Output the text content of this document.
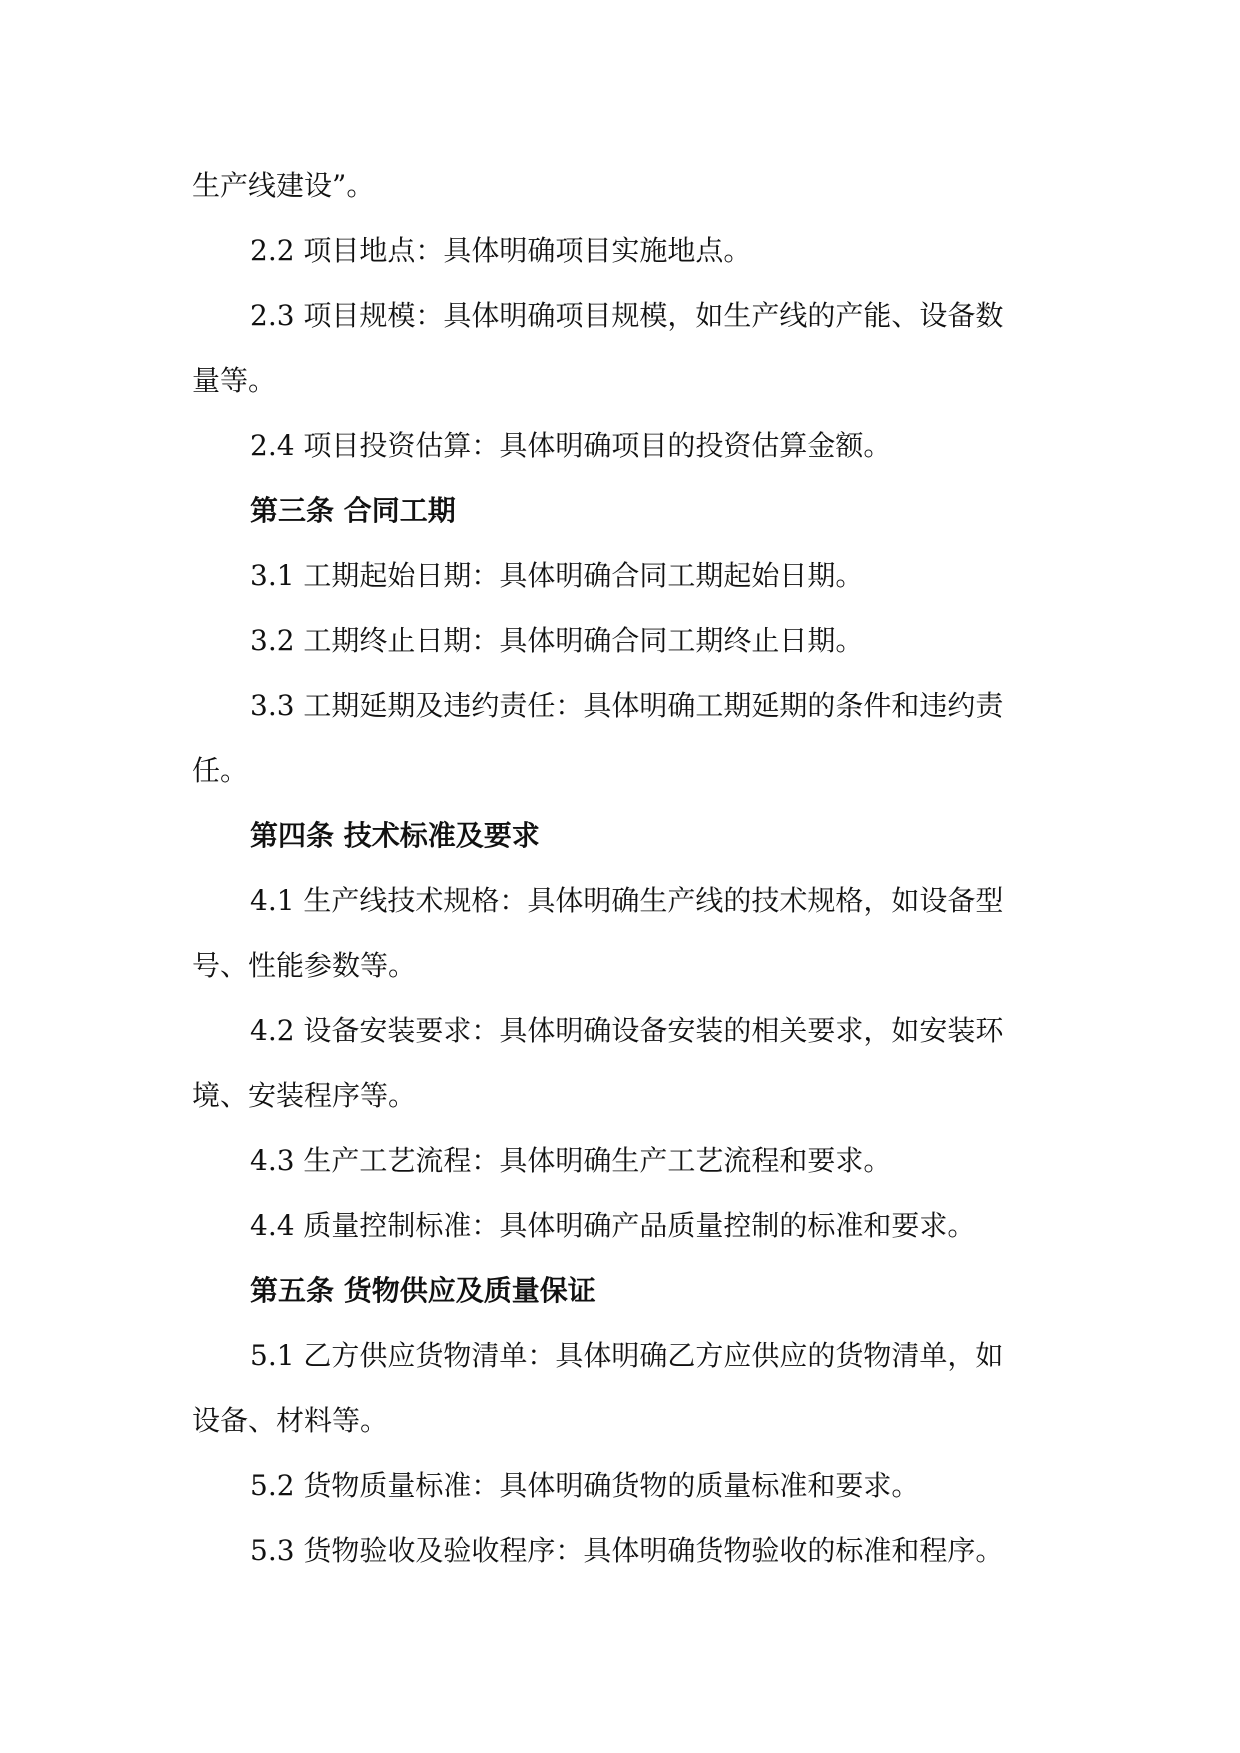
生产线建设”。
2.2 项目地点：具体明确项目实施地点。
2.3 项目规模：具体明确项目规模，如生产线的产能、设备数
量等。
2.4 项目投资估算：具体明确项目的投资估算金额。
第三条 合同工期
3.1 工期起始日期：具体明确合同工期起始日期。
3.2 工期终止日期：具体明确合同工期终止日期。
3.3 工期延期及违约责任：具体明确工期延期的条件和违约责
任。
第四条 技术标准及要求
4.1 生产线技术规格：具体明确生产线的技术规格，如设备型
号、性能参数等。
4.2 设备安装要求：具体明确设备安装的相关要求，如安装环
境、安装程序等。
4.3 生产工艺流程：具体明确生产工艺流程和要求。
4.4 质量控制标准：具体明确产品质量控制的标准和要求。
第五条 货物供应及质量保证
5.1 乙方供应货物清单：具体明确乙方应供应的货物清单，如
设备、材料等。
5.2 货物质量标准：具体明确货物的质量标准和要求。
5.3 货物验收及验收程序：具体明确货物验收的标准和程序。
